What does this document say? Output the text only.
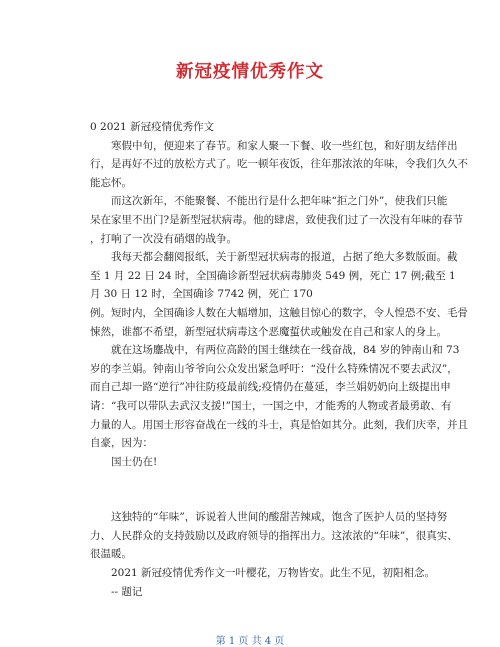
新冠疫情优秀作文
0 2021 新冠疫情优秀作文
　　寒假中旬，便迎来了春节。和家人聚一下餐、收一些红包，和好朋友结伴出
行，是再好不过的放松方式了。吃一顿年夜饭，往年那浓浓的年味，令我们久久不
能忘怀。
　　而这次新年，不能聚餐、不能出行是什么把年味“拒之门外”，使我们只能
呆在家里不出门?是新型冠状病毒。他的肆虐，致使我们过了一次没有年味的春节
，打响了一次没有硝烟的战争。
　　我每天都会翻阅报纸，关于新型冠状病毒的报道，占据了绝大多数版面。截
至 1 月 22 日 24 时，全国确诊新型冠状病毒肺炎 549 例，死亡 17 例;截至 1
月 30 日 12 时，全国确诊 7742 例，死亡 170
例。短时内，全国确诊人数在大幅增加，这触目惊心的数字，令人惶恐不安、毛骨
悚然，谁都不希望，新型冠状病毒这个恶魔蜇伏或触发在自己和家人的身上。
　　就在这场鏖战中，有两位高龄的国士继续在一线奋战，84 岁的钟南山和 73
岁的李兰娟。钟南山爷爷向公众发出紧急呼吁：“没什么特殊情况不要去武汉”，
而自己却一路“逆行”冲往防疫最前线;疫情仍在蔓延，李兰娟奶奶向上级提出申
请：“我可以带队去武汉支援!”国士，一国之中，才能秀的人物或者最勇敢、有
力量的人。用国士形容奋战在一线的斗士，真是恰如其分。此刻，我们庆幸，并且
自豪，因为：
　　国士仍在!
　　这独特的“年味”，诉说着人世间的酸甜苦辣咸，饱含了医护人员的坚持努
力、人民群众的支持鼓励以及政府领导的指挥出力。这浓浓的“年味”，很真实、
很温暖。
　　2021 新冠疫情优秀作文一叶樱花，万物皆安。此生不见，初阳相念。
　　-- 题记
第 1 页 共 4 页
